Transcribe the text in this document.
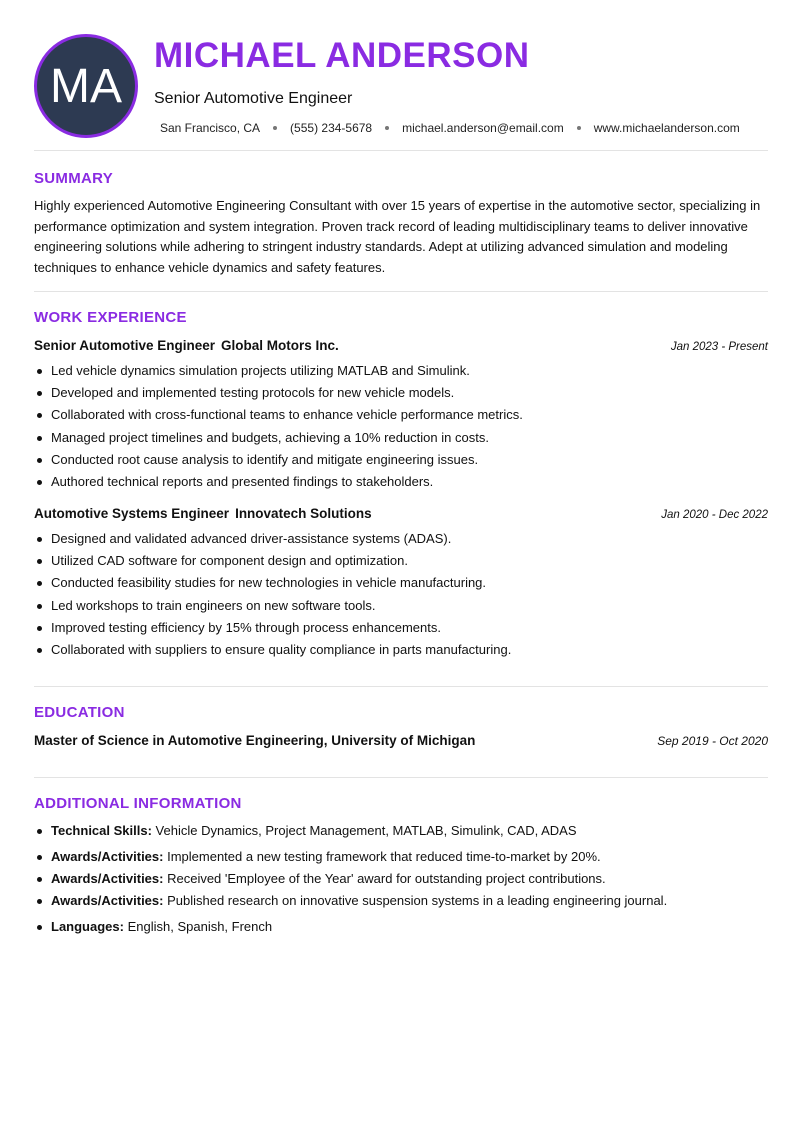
MA
MICHAEL ANDERSON

Senior Automotive Engineer

San Francisco, CA	(555) 234-5678	michael.anderson@email.com	www.michaelanderson.com
SUMMARY

Highly experienced Automotive Engineering Consultant with over 15 years of expertise in the automotive sector, specializing in performance optimization and system integration. Proven track record of leading multidisciplinary teams to deliver innovative engineering solutions while adhering to stringent industry standards. Adept at utilizing advanced simulation and modeling techniques to enhance vehicle dynamics and safety features.

WORK EXPERIENCE
Senior Automotive Engineer Global Motors Inc.	Jan 2023 - Present
Led vehicle dynamics simulation projects utilizing MATLAB and Simulink.
Developed and implemented testing protocols for new vehicle models.
Collaborated with cross-functional teams to enhance vehicle performance metrics.
Managed project timelines and budgets, achieving a 10% reduction in costs.
Conducted root cause analysis to identify and mitigate engineering issues.
Authored technical reports and presented findings to stakeholders.
Automotive Systems Engineer Innovatech Solutions	Jan 2020 - Dec 2022
Designed and validated advanced driver-assistance systems (ADAS).
Utilized CAD software for component design and optimization.
Conducted feasibility studies for new technologies in vehicle manufacturing.
Led workshops to train engineers on new software tools.
Improved testing efficiency by 15% through process enhancements.
Collaborated with suppliers to ensure quality compliance in parts manufacturing.
EDUCATION
Master of Science in Automotive Engineering, University of Michigan	Sep 2019 - Oct 2020
ADDITIONAL INFORMATION
Technical Skills: Vehicle Dynamics, Project Management, MATLAB, Simulink, CAD, ADAS
Awards/Activities: Implemented a new testing framework that reduced time-to-market by 20%.
Awards/Activities: Received 'Employee of the Year' award for outstanding project contributions.
Awards/Activities: Published research on innovative suspension systems in a leading engineering journal.
Languages: English, Spanish, French
